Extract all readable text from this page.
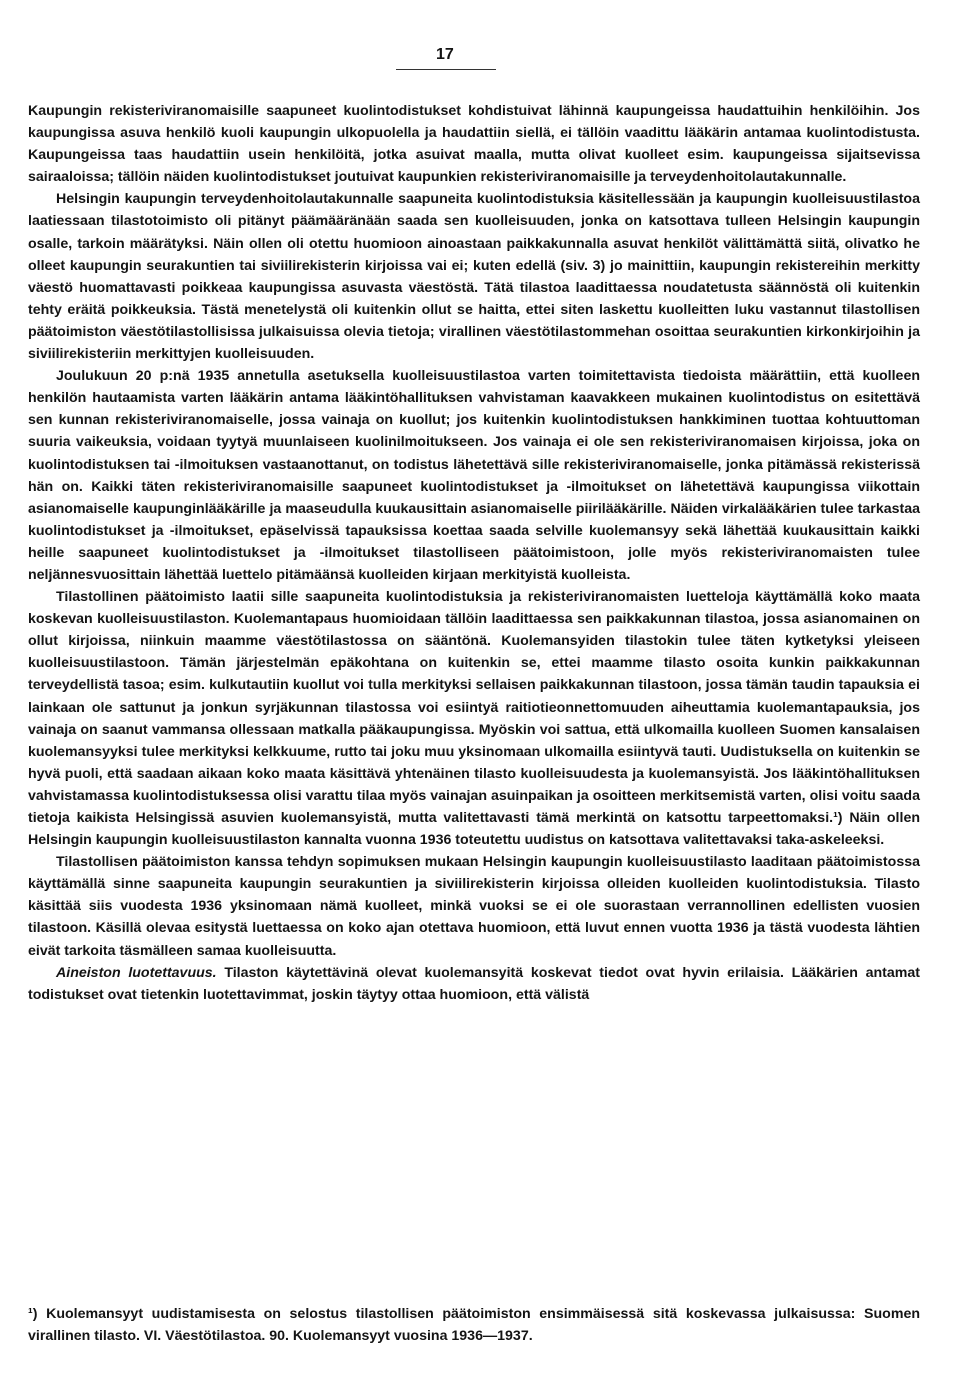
17

Kaupungin rekisteriviranomaisille saapuneet kuolintodistukset kohdistuivat lähinnä kaupungeissa haudattuihin henkilöihin. Jos kaupungissa asuva henkilö kuoli kaupungin ulkopuolella ja haudattiin siellä, ei tällöin vaadittu lääkärin antamaa kuolintodistusta. Kaupungeissa taas haudattiin usein henkilöitä, jotka asuivat maalla, mutta olivat kuolleet esim. kaupungeissa sijaitsevissa sairaaloissa; tällöin näiden kuolintodistukset joutuivat kaupunkien rekisteriviranomaisille ja terveydenhoitolautakunnalle.

Helsingin kaupungin terveydenhoitolautakunnalle saapuneita kuolintodistuksia käsitellessään ja kaupungin kuolleisuustilastoa laatiessaan tilastotoimisto oli pitänyt päämääränään saada sen kuolleisuuden, jonka on katsottava tulleen Helsingin kaupungin osalle, tarkoin määrätyksi. Näin ollen oli otettu huomioon ainoastaan paikkakunnalla asuvat henkilöt välittämättä siitä, olivatko he olleet kaupungin seurakuntien tai siviilirekisterin kirjoissa vai ei; kuten edellä (siv. 3) jo mainittiin, kaupungin rekistereihin merkitty väestö huomattavasti poikkeaa kaupungissa asuvasta väestöstä. Tätä tilastoa laadittaessa noudatetusta säännöstä oli kuitenkin tehty eräitä poikkeuksia. Tästä menetelystä oli kuitenkin ollut se haitta, ettei siten laskettu kuolleitten luku vastannut tilastollisen päätoimiston väestötilastollisissa julkaisuissa olevia tietoja; virallinen väestötilastommehan osoittaa seurakuntien kirkonkirjoihin ja siviilirekisteriin merkittyjen kuolleisuuden.

Joulukuun 20 p:nä 1935 annetulla asetuksella kuolleisuustilastoa varten toimitettavista tiedoista määrättiin, että kuolleen henkilön hautaamista varten lääkärin antama lääkintöhallituksen vahvistaman kaavakkeen mukainen kuolintodistus on esitettävä sen kunnan rekisteriviranomaiselle, jossa vainaja on kuollut; jos kuitenkin kuolintodistuksen hankkiminen tuottaa kohtuuttoman suuria vaikeuksia, voidaan tyytyä muunlaiseen kuolinilmoitukseen. Jos vainaja ei ole sen rekisteriviranomaisen kirjoissa, joka on kuolintodistuksen tai -ilmoituksen vastaanottanut, on todistus lähetettävä sille rekisteriviranomaiselle, jonka pitämässä rekisterissä hän on. Kaikki täten rekisteriviranomaisille saapuneet kuolintodistukset ja -ilmoitukset on lähetettävä kaupungissa viikottain asianomaiselle kaupunginlääkärille ja maaseudulla kuukausittain asianomaiselle piirilääkärille. Näiden virkalääkärien tulee tarkastaa kuolintodistukset ja -ilmoitukset, epäselvissä tapauksissa koettaa saada selville kuolemansyy sekä lähettää kuukausittain kaikki heille saapuneet kuolintodistukset ja -ilmoitukset tilastolliseen päätoimistoon, jolle myös rekisteriviranomaisten tulee neljännesvuosittain lähettää luettelo pitämäänsä kuolleiden kirjaan merkityistä kuolleista.

Tilastollinen päätoimisto laatii sille saapuneita kuolintodistuksia ja rekisteriviranomaisten luetteloja käyttämällä koko maata koskevan kuolleisuustilaston. Kuolemantapaus huomioidaan tällöin laadittaessa sen paikkakunnan tilastoa, jossa asianomainen on ollut kirjoissa, niinkuin maamme väestötilastossa on sääntönä. Kuolemansyiden tilastokin tulee täten kytketyksi yleiseen kuolleisuustilastoon. Tämän järjestelmän epäkohtana on kuitenkin se, ettei maamme tilasto osoita kunkin paikkakunnan terveydellistä tasoa; esim. kulkutautiin kuollut voi tulla merkityksi sellaisen paikkakunnan tilastoon, jossa tämän taudin tapauksia ei lainkaan ole sattunut ja jonkun syrjäkunnan tilastossa voi esiintyä raitiotieonnettomuuden aiheuttamia kuolemantapauksia, jos vainaja on saanut vammansa ollessaan matkalla pääkaupungissa. Myöskin voi sattua, että ulkomailla kuolleen Suomen kansalaisen kuolemansyyksi tulee merkityksi kelkkuume, rutto tai joku muu yksinomaan ulkomailla esiintyvä tauti. Uudistuksella on kuitenkin se hyvä puoli, että saadaan aikaan koko maata käsittävä yhtenäinen tilasto kuolleisuudesta ja kuolemansyistä. Jos lääkintöhallituksen vahvistamassa kuolintodistuksessa olisi varattu tilaa myös vainajan asuinpaikan ja osoitteen merkitsemistä varten, olisi voitu saada tietoja kaikista Helsingissä asuvien kuolemansyistä, mutta valitettavasti tämä merkintä on katsottu tarpeettomaksi.¹) Näin ollen Helsingin kaupungin kuolleisuustilaston kannalta vuonna 1936 toteutettu uudistus on katsottava valitettavaksi taka-askeleeksi.

Tilastollisen päätoimiston kanssa tehdyn sopimuksen mukaan Helsingin kaupungin kuolleisuustilasto laaditaan päätoimistossa käyttämällä sinne saapuneita kaupungin seurakuntien ja siviilirekisterin kirjoissa olleiden kuolleiden kuolintodistuksia. Tilasto käsittää siis vuodesta 1936 yksinomaan nämä kuolleet, minkä vuoksi se ei ole suorastaan verrannollinen edellisten vuosien tilastoon. Käsillä olevaa esitystä luettaessa on koko ajan otettava huomioon, että luvut ennen vuotta 1936 ja tästä vuodesta lähtien eivät tarkoita täsmälleen samaa kuolleisuutta.

Aineiston luotettavuus. Tilaston käytettävinä olevat kuolemansyitä koskevat tiedot ovat hyvin erilaisia. Lääkärien antamat todistukset ovat tietenkin luotettavimmat, joskin täytyy ottaa huomioon, että välistä

¹) Kuolemansyyt uudistamisesta on selostus tilastollisen päätoimiston ensimmäisessä sitä koskevassa julkaisussa: Suomen virallinen tilasto. VI. Väestötilastoa. 90. Kuolemansyyt vuosina 1936—1937.
